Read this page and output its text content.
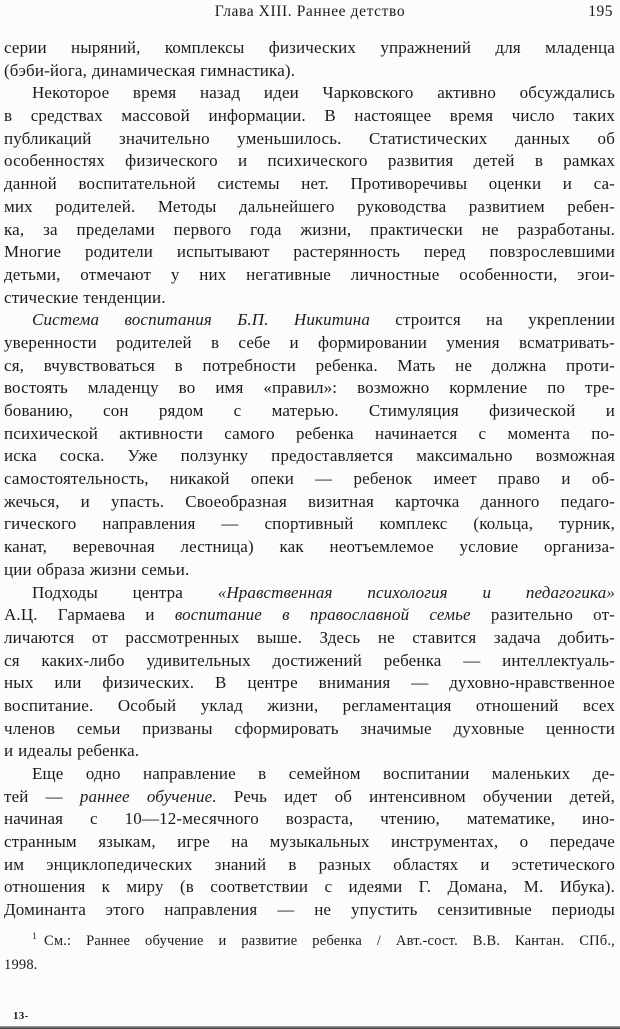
Глава XIII. Раннее детство	195
серии ныряний, комплексы физических упражнений для младенца
(бэби-йога, динамическая гимнастика).
Некоторое время назад идеи Чарковского активно обсуждались
в средствах массовой информации. В настоящее время число таких
публикаций значительно уменьшилось. Статистических данных об
особенностях физического и психического развития детей в рамках
данной воспитательной системы нет. Противоречивы оценки и са-
мих родителей. Методы дальнейшего руководства развитием ребен-
ка, за пределами первого года жизни, практически не разработаны.
Многие родители испытывают растерянность перед повзрослевшими
детьми, отмечают у них негативные личностные особенности, эгои-
стические тенденции.
Система воспитания Б.П. Никитина строится на укреплении
уверенности родителей в себе и формировании умения всматривать-
ся, вчувствоваться в потребности ребенка. Мать не должна проти-
востоять младенцу во имя «правил»: возможно кормление по тре-
бованию, сон рядом с матерью. Стимуляция физической и
психической активности самого ребенка начинается с момента по-
иска соска. Уже ползунку предоставляется максимально возможная
самостоятельность, никакой опеки — ребенок имеет право и об-
жечься, и упасть. Своеобразная визитная карточка данного педаго-
гического направления — спортивный комплекс (кольца, турник,
канат, веревочная лестница) как неотъемлемое условие организа-
ции образа жизни семьи.
Подходы центра «Нравственная психология и педагогика»
А.Ц. Гармаева и воспитание в православной семье разительно от-
личаются от рассмотренных выше. Здесь не ставится задача добить-
ся каких-либо удивительных достижений ребенка — интеллектуаль-
ных или физических. В центре внимания — духовно-нравственное
воспитание. Особый уклад жизни, регламентация отношений всех
членов семьи призваны сформировать значимые духовные ценности
и идеалы ребенка.
Еще одно направление в семейном воспитании маленьких де-
тей — раннее обучение. Речь идет об интенсивном обучении детей,
начиная с 10—12-месячного возраста, чтению, математике, ино-
странным языкам, игре на музыкальных инструментах, о передаче
им энциклопедических знаний в разных областях и эстетического
отношения к миру (в соответствии с идеями Г. Домана, М. Ибука).
Доминанта этого направления — не упустить сензитивные периоды
$^1$ См.: Раннее обучение и развитие ребенка / Авт.-сост. В.В. Кантан. СПб.,
1998.
13-
